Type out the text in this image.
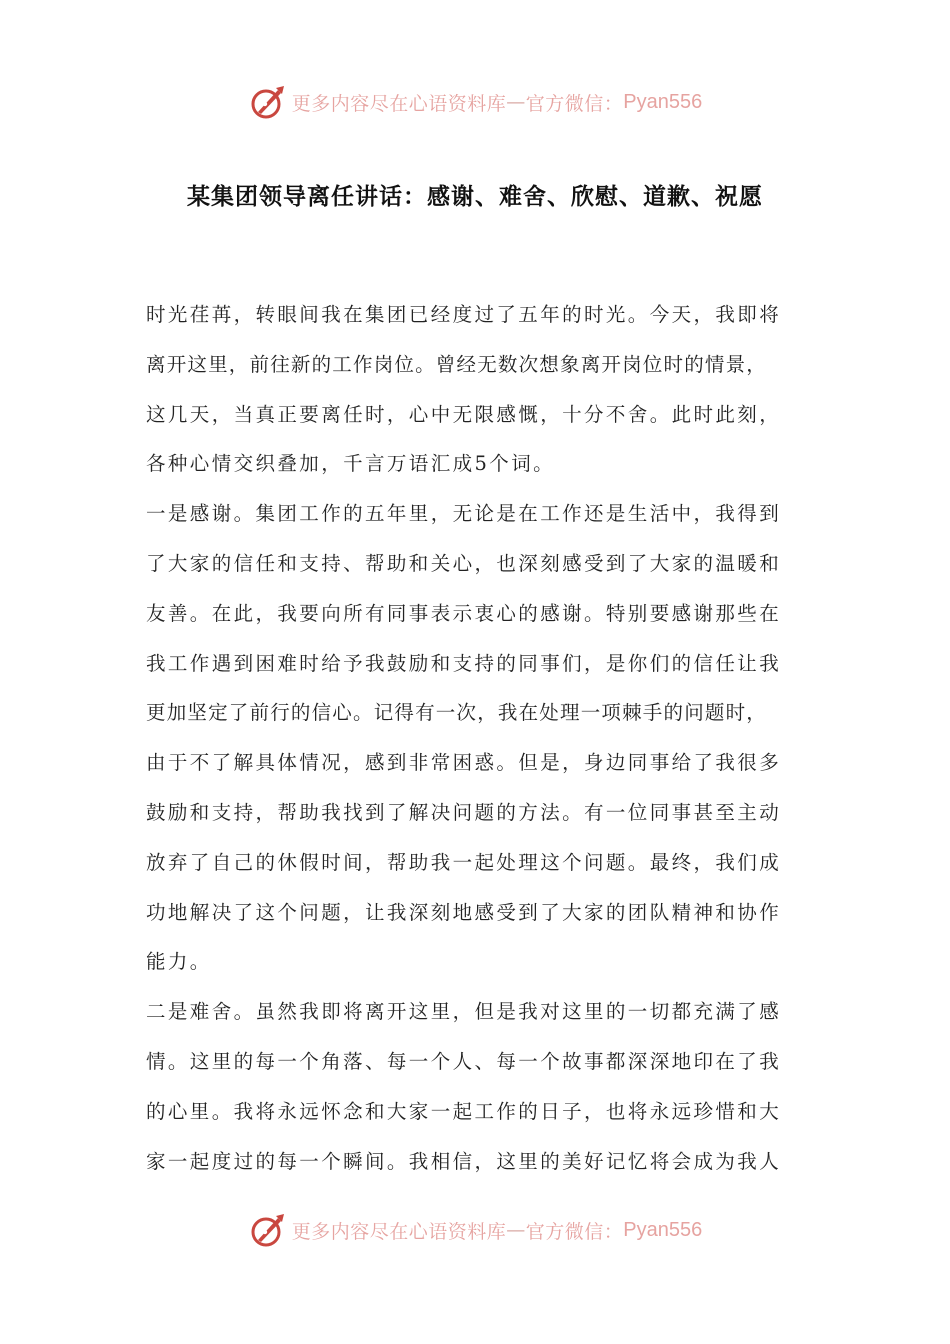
更多内容尽在心语资料库 — 官方微信： Pyan556
某集团领导离任讲话：感谢、难舍、欣慰、道歉、祝愿
时光荏苒，转眼间我在集团已经度过了五年的时光。今天，我即将
离开这里，前往新的工作岗位。曾经无数次想象离开岗位时的情景，
这几天，当真正要离任时，心中无限感慨，十分不舍。此时此刻，
各种心情交织叠加，千言万语汇成5个词。
一是感谢。集团工作的五年里，无论是在工作还是生活中，我得到
了大家的信任和支持、帮助和关心，也深刻感受到了大家的温暖和
友善。在此，我要向所有同事表示衷心的感谢。特别要感谢那些在
我工作遇到困难时给予我鼓励和支持的同事们，是你们的信任让我
更加坚定了前行的信心。记得有一次，我在处理一项棘手的问题时，
由于不了解具体情况，感到非常困惑。但是，身边同事给了我很多
鼓励和支持，帮助我找到了解决问题的方法。有一位同事甚至主动
放弃了自己的休假时间，帮助我一起处理这个问题。最终，我们成
功地解决了这个问题，让我深刻地感受到了大家的团队精神和协作
能力。
二是难舍。虽然我即将离开这里，但是我对这里的一切都充满了感
情。这里的每一个角落、每一个人、每一个故事都深深地印在了我
的心里。我将永远怀念和大家一起工作的日子，也将永远珍惜和大
家一起度过的每一个瞬间。我相信，这里的美好记忆将会成为我人
更多内容尽在心语资料库 — 官方微信： Pyan556
